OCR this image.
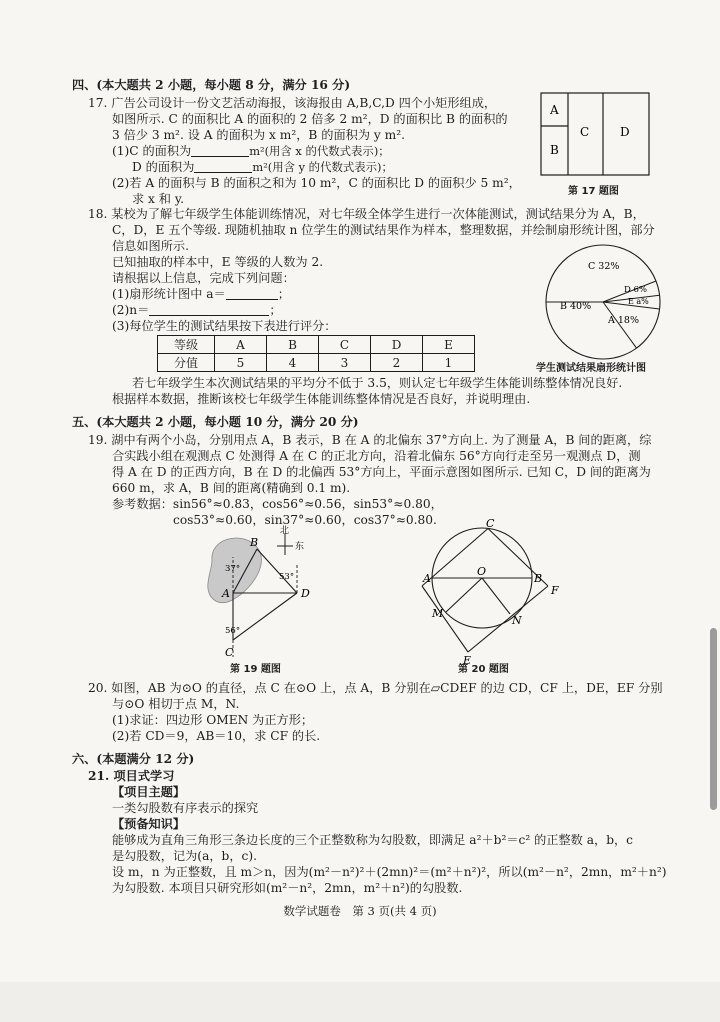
四、(本大题共 2 小题，每小题 8 分，满分 16 分)
17. 广告公司设计一份文艺活动海报，该海报由 A,B,C,D 四个小矩形组成，
如图所示. C 的面积比 A 的面积的 2 倍多 2 m²，D 的面积比 B 的面积的
3 倍少 3 m². 设 A 的面积为 x m²，B 的面积为 y m².
(1)C 的面积为	m²(用含 x 的代数式表示)；
D 的面积为	m²(用含 y 的代数式表示)；
(2)若 A 的面积与 B 的面积之和为 10 m²，C 的面积比 D 的面积少 5 m²，
求 x 和 y.
A
B
C	D
第 17 题图
18. 某校为了解七年级学生体能训练情况，对七年级全体学生进行一次体能测试，测试结果分为 A，B，
C，D，E 五个等级. 现随机抽取 n 位学生的测试结果作为样本，整理数据，并绘制扇形统计图，部分
信息如图所示.
已知抽取的样本中，E 等级的人数为 2.
请根据以上信息，完成下列问题：
(1)扇形统计图中 a＝	；
(2)n＝	；
(3)每位学生的测试结果按下表进行评分：
等级	A	B	C	D	E
分值	5	4	3	2	1
若七年级学生本次测试结果的平均分不低于 3.5，则认定七年级学生体能训练整体情况良好.
根据样本数据，推断该校七年级学生体能训练整体情况是否良好，并说明理由.
C 32%
D 6%
E a%
A 18%
B 40%
学生测试结果扇形统计图
五、(本大题共 2 小题，每小题 10 分，满分 20 分)
19. 湖中有两个小岛，分别用点 A，B 表示，B 在 A 的北偏东 37°方向上. 为了测量 A，B 间的距离，综
合实践小组在观测点 C 处测得 A 在 C 的正北方向，沿着北偏东 56°方向行走至另一观测点 D，测
得 A 在 D 的正西方向，B 在 D 的北偏西 53°方向上，平面示意图如图所示. 已知 C，D 间的距离为
660 m，求 A，B 间的距离(精确到 0.1 m).
参考数据：sin56°≈0.83，cos56°≈0.56，sin53°≈0.80，
cos53°≈0.60，sin37°≈0.60，cos37°≈0.80.
北
东
A
B
C
D
37°
53°
56°
第 19 题图
C
A
O
B
M
N
F
E
第 20 题图
20. 如图，AB 为⊙O 的直径，点 C 在⊙O 上，点 A，B 分别在▱CDEF 的边 CD，CF 上，DE，EF 分别
与⊙O 相切于点 M，N.
(1)求证：四边形 OMEN 为正方形；
(2)若 CD＝9，AB＝10，求 CF 的长.
六、(本题满分 12 分)
21. 项目式学习
【项目主题】
一类勾股数有序表示的探究
【预备知识】
能够成为直角三角形三条边长度的三个正整数称为勾股数，即满足 a²＋b²＝c² 的正整数 a，b，c
是勾股数，记为(a，b，c).
设 m，n 为正整数，且 m＞n，因为(m²－n²)²＋(2mn)²＝(m²＋n²)²，所以(m²－n²，2mn，m²＋n²)
为勾股数. 本项目只研究形如(m²－n²，2mn，m²＋n²)的勾股数.
数学试题卷　第 3 页(共 4 页)
